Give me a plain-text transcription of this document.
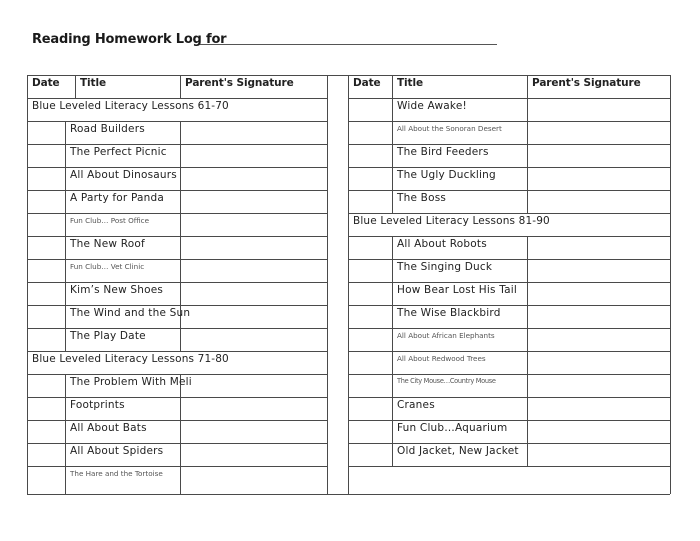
Reading Homework Log for
Date Title	Parent's Signature
Blue Leveled Literacy Lessons 61-70
Road Builders
The Perfect Picnic
All About Dinosaurs
A Party for Panda
Fun Club… Post Office
The New Roof
Fun Club… Vet Clinic
Kim’s New Shoes
The Wind and the Sun
The Play Date
Blue Leveled Literacy Lessons 71-80
The Problem With Meli
Footprints
All About Bats
All About Spiders
The Hare and the Tortoise
Date Title	Parent's Signature
Wide Awake!
All About the Sonoran Desert
The Bird Feeders
The Ugly Duckling
The Boss
Blue Leveled Literacy Lessons 81-90
All About Robots
The Singing Duck
How Bear Lost His Tail
The Wise Blackbird
All About African Elephants
All About Redwood Trees
The City Mouse…Country Mouse
Cranes
Fun Club…Aquarium
Old Jacket, New Jacket
